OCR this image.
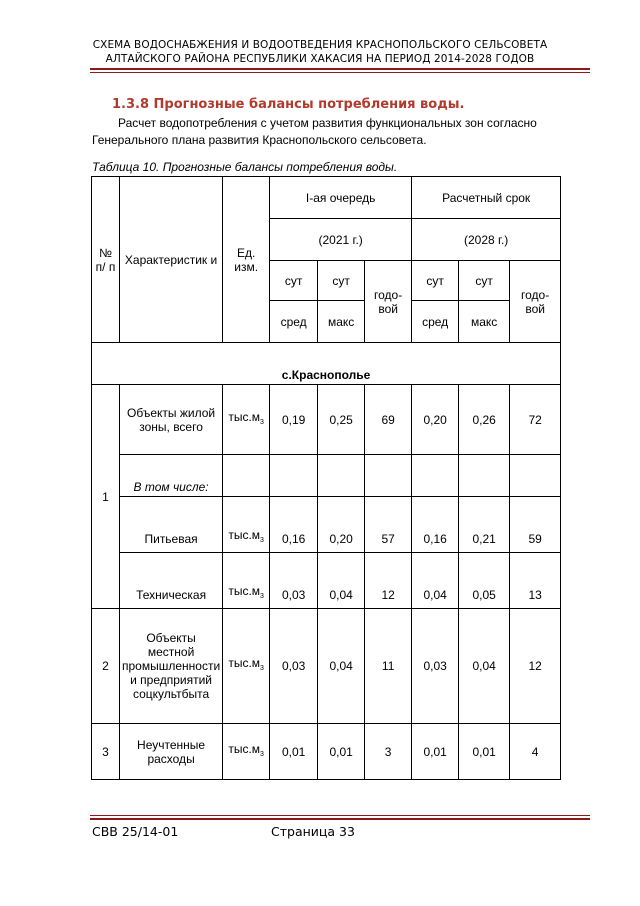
СХЕМА ВОДОСНАБЖЕНИЯ И ВОДООТВЕДЕНИЯ КРАСНОПОЛЬСКОГО СЕЛЬСОВЕТА
АЛТАЙСКОГО РАЙОНА РЕСПУБЛИКИ ХАКАСИЯ НА ПЕРИОД 2014-2028 ГОДОВ
1.3.8 Прогнозные балансы потребления воды.
Расчет водопотребления с учетом развития функциональных зон согласно
Генерального плана развития Краснопольского сельсовета.
Таблица 10. Прогнозные балансы потребления воды.
№ п/ п	Характеристик и	Ед. изм.	I-ая очередь			Расчетный срок		
			(2021 г.)			(2028 г.)		
			сут	сут	годо-вой	сут	сут	годо-вой
			сред	макс		сред	макс	

с.Краснополье								
1	Объекты жилой зоны, всего	$тыс.м_3$	0,19	0,25	69	0,20	0,26	72
	В том числе:							
	Питьевая	$тыс.м_3$	0,16	0,20	57	0,16	0,21	59
	Техническая	$тыс.м_3$	0,03	0,04	12	0,04	0,05	13
2	Объекты местной промышленности и предприятий соцкультбыта	$тыс.м_3$	0,03	0,04	11	0,03	0,04	12
3	Неучтенные расходы	$тыс.м_3$	0,01	0,01	3	0,01	0,01	4
СВВ 25/14-01	Страница 33
